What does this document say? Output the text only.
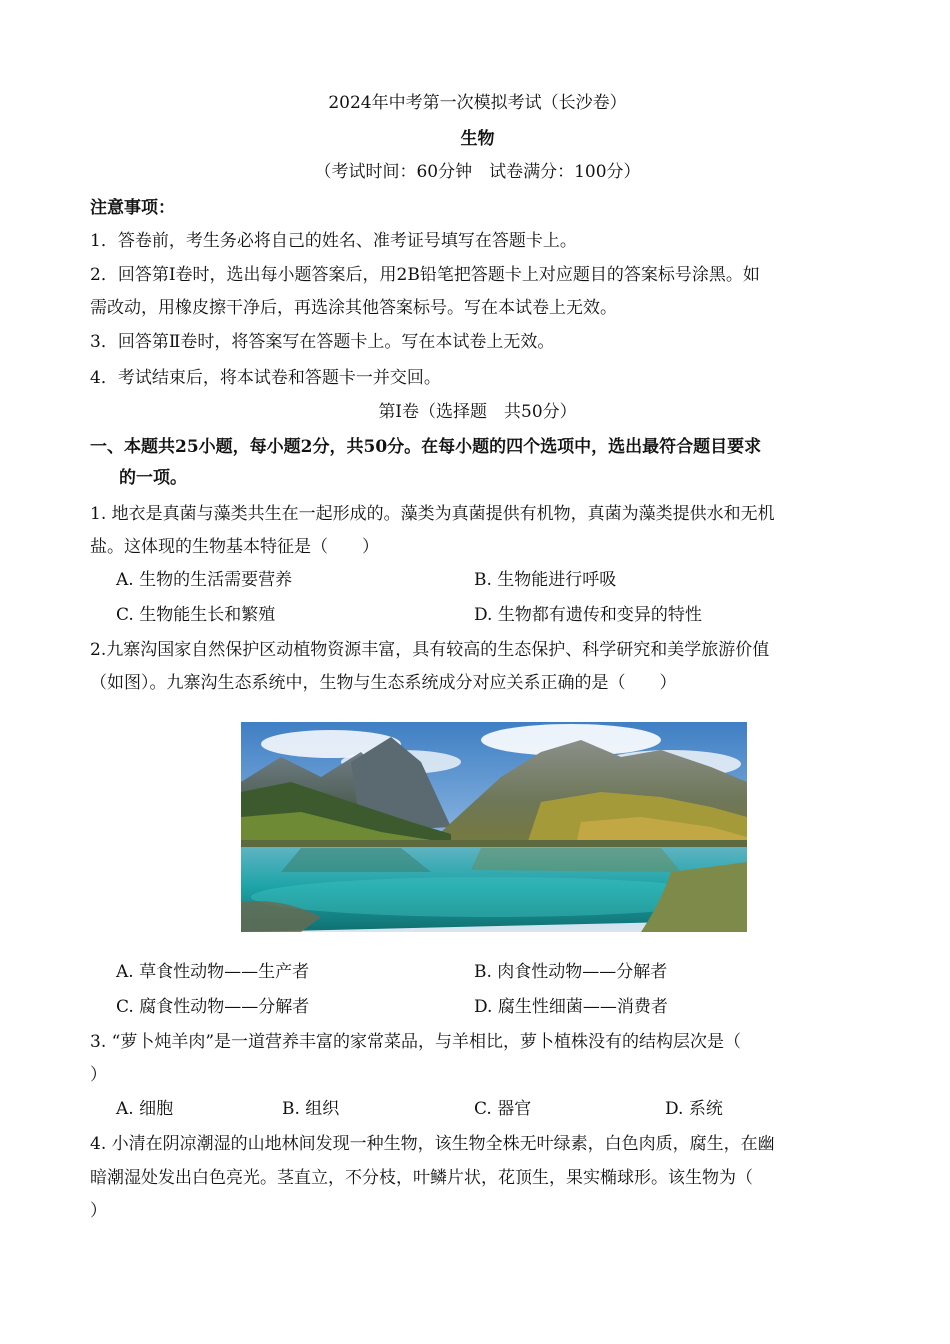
2024年中考第一次模拟考试（长沙卷）
生物
（考试时间：60分钟　试卷满分：100分）
注意事项：
1．答卷前，考生务必将自己的姓名、准考证号填写在答题卡上。
2．回答第Ⅰ卷时，选出每小题答案后，用2B铅笔把答题卡上对应题目的答案标号涂黑。如
需改动，用橡皮擦干净后，再选涂其他答案标号。写在本试卷上无效。
3．回答第Ⅱ卷时，将答案写在答题卡上。写在本试卷上无效。
4．考试结束后，将本试卷和答题卡一并交回。
第Ⅰ卷（选择题　共50分）
一、本题共25小题，每小题2分，共50分。在每小题的四个选项中，选出最符合题目要求
的一项。
1. 地衣是真菌与藻类共生在一起形成的。藻类为真菌提供有机物，真菌为藻类提供水和无机
盐。这体现的生物基本特征是（　　）
A. 生物的生活需要营养	B. 生物能进行呼吸
C. 生物能生长和繁殖	D. 生物都有遗传和变异的特性
2.九寨沟国家自然保护区动植物资源丰富，具有较高的生态保护、科学研究和美学旅游价值
（如图）。九寨沟生态系统中，生物与生态系统成分对应关系正确的是（　　）
A. 草食性动物——生产者	B. 肉食性动物——分解者
C. 腐食性动物——分解者	D. 腐生性细菌——消费者
3. “萝卜炖羊肉”是一道营养丰富的家常菜品，与羊相比，萝卜植株没有的结构层次是（
）
A. 细胞	B. 组织	C. 器官	D. 系统
4. 小清在阴凉潮湿的山地林间发现一种生物，该生物全株无叶绿素，白色肉质，腐生，在幽
暗潮湿处发出白色亮光。茎直立，不分枝，叶鳞片状，花顶生，果实椭球形。该生物为（
）
